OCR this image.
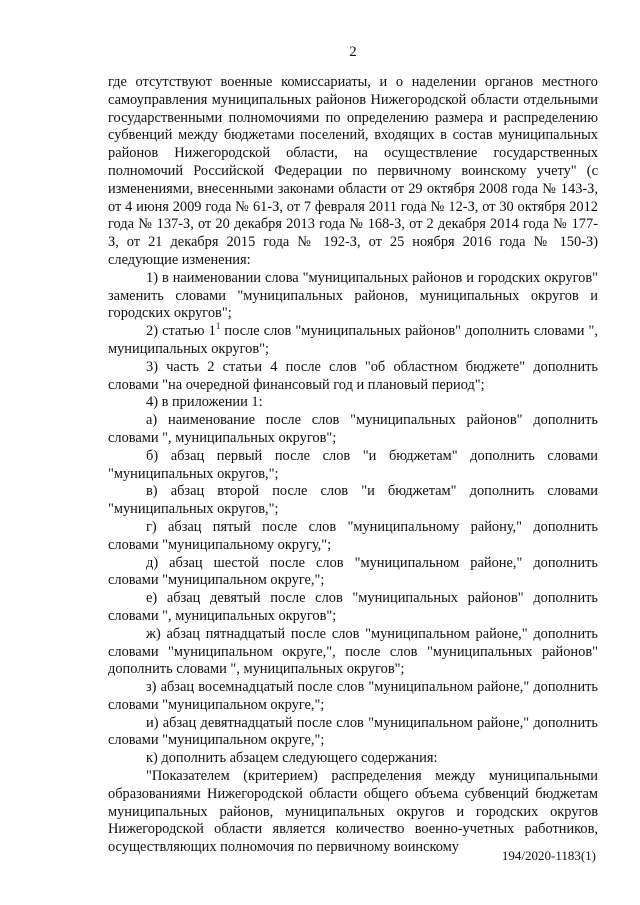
2

где отсутствуют военные комиссариаты, и о наделении органов местного самоуправления муниципальных районов Нижегородской области отдельными государственными полномочиями по определению размера и распределению субвенций между бюджетами поселений, входящих в состав муниципальных районов Нижегородской области, на осуществление государственных полномочий Российской Федерации по первичному воинскому учету" (с изменениями, внесенными законами области от 29 октября 2008 года № 143-З, от 4 июня 2009 года № 61-З, от 7 февраля 2011 года № 12-З, от 30 октября 2012 года № 137-З, от 20 декабря 2013 года № 168-З, от 2 декабря 2014 года № 177-З, от 21 декабря 2015 года № 192-З, от 25 ноября 2016 года № 150-З) следующие изменения:

1) в наименовании слова "муниципальных районов и городских округов" заменить словами "муниципальных районов, муниципальных округов и городских округов";

2) статью 1$^1$ после слов "муниципальных районов" дополнить словами ", муниципальных округов";

3) часть 2 статьи 4 после слов "об областном бюджете" дополнить словами "на очередной финансовый год и плановый период";

4) в приложении 1:

а) наименование после слов "муниципальных районов" дополнить словами ", муниципальных округов";

б) абзац первый после слов "и бюджетам" дополнить словами "муниципальных округов,";

в) абзац второй после слов "и бюджетам" дополнить словами "муниципальных округов,";

г) абзац пятый после слов "муниципальному району," дополнить словами "муниципальному округу,";

д) абзац шестой после слов "муниципальном районе," дополнить словами "муниципальном округе,";

е) абзац девятый после слов "муниципальных районов" дополнить словами ", муниципальных округов";

ж) абзац пятнадцатый после слов "муниципальном районе," дополнить словами "муниципальном округе,", после слов "муниципальных районов" дополнить словами ", муниципальных округов";

з) абзац восемнадцатый после слов "муниципальном районе," дополнить словами "муниципальном округе,";

и) абзац девятнадцатый после слов "муниципальном районе," дополнить словами "муниципальном округе,";

к) дополнить абзацем следующего содержания:

"Показателем (критерием) распределения между муниципальными образованиями Нижегородской области общего объема субвенций бюджетам муниципальных районов, муниципальных округов и городских округов Нижегородской области является количество военно-учетных работников, осуществляющих полномочия по первичному воинскому

194/2020-1183(1)
